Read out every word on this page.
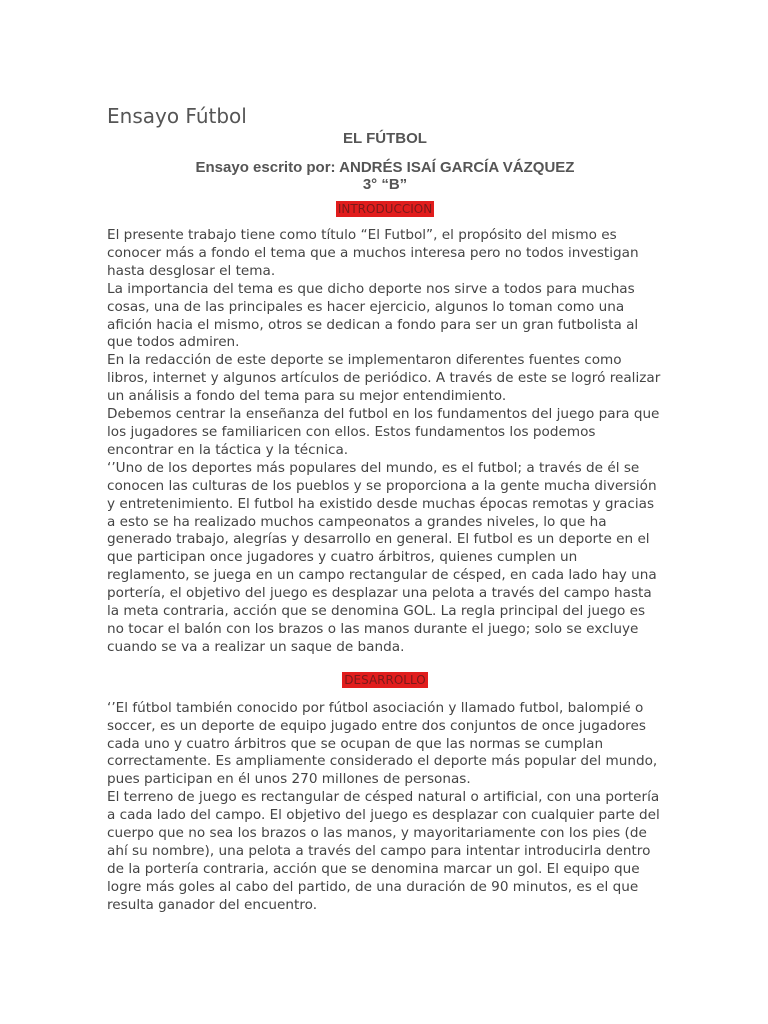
Ensayo Fútbol

EL FÚTBOL

Ensayo escrito por: ANDRÉS ISAÍ GARCÍA VÁZQUEZ

3° “B”

INTRODUCCION

El presente trabajo tiene como título “El Futbol”, el propósito del mismo es conocer más a fondo el tema que a muchos interesa pero no todos investigan hasta desglosar el tema.

La importancia del tema es que dicho deporte nos sirve a todos para muchas cosas, una de las principales es hacer ejercicio, algunos lo toman como una afición hacia el mismo, otros se dedican a fondo para ser un gran futbolista al que todos admiren.

En la redacción de este deporte se implementaron diferentes fuentes como libros, internet y algunos artículos de periódico. A través de este se logró realizar un análisis a fondo del tema para su mejor entendimiento.

Debemos centrar la enseñanza del futbol en los fundamentos del juego para que los jugadores se familiaricen con ellos. Estos fundamentos los podemos encontrar en la táctica y la técnica.

‘’Uno de los deportes más populares del mundo, es el futbol; a través de él se conocen las culturas de los pueblos y se proporciona a la gente mucha diversión y entretenimiento. El futbol ha existido desde muchas épocas remotas y gracias a esto se ha realizado muchos campeonatos a grandes niveles, lo que ha generado trabajo, alegrías y desarrollo en general. El futbol es un deporte en el que participan once jugadores y cuatro árbitros, quienes cumplen un reglamento, se juega en un campo rectangular de césped, en cada lado hay una portería, el objetivo del juego es desplazar una pelota a través del campo hasta la meta contraria, acción que se denomina GOL. La regla principal del juego es no tocar el balón con los brazos o las manos durante el juego; solo se excluye cuando se va a realizar un saque de banda.

DESARROLLO

‘’El fútbol también conocido por fútbol asociación y llamado futbol, balompié o soccer, es un deporte de equipo jugado entre dos conjuntos de once jugadores cada uno y cuatro árbitros que se ocupan de que las normas se cumplan correctamente. Es ampliamente considerado el deporte más popular del mundo, pues participan en él unos 270 millones de personas.

El terreno de juego es rectangular de césped natural o artificial, con una portería a cada lado del campo. El objetivo del juego es desplazar con cualquier parte del cuerpo que no sea los brazos o las manos, y mayoritariamente con los pies (de ahí su nombre), una pelota a través del campo para intentar introducirla dentro de la portería contraria, acción que se denomina marcar un gol. El equipo que logre más goles al cabo del partido, de una duración de 90 minutos, es el que resulta ganador del encuentro.
